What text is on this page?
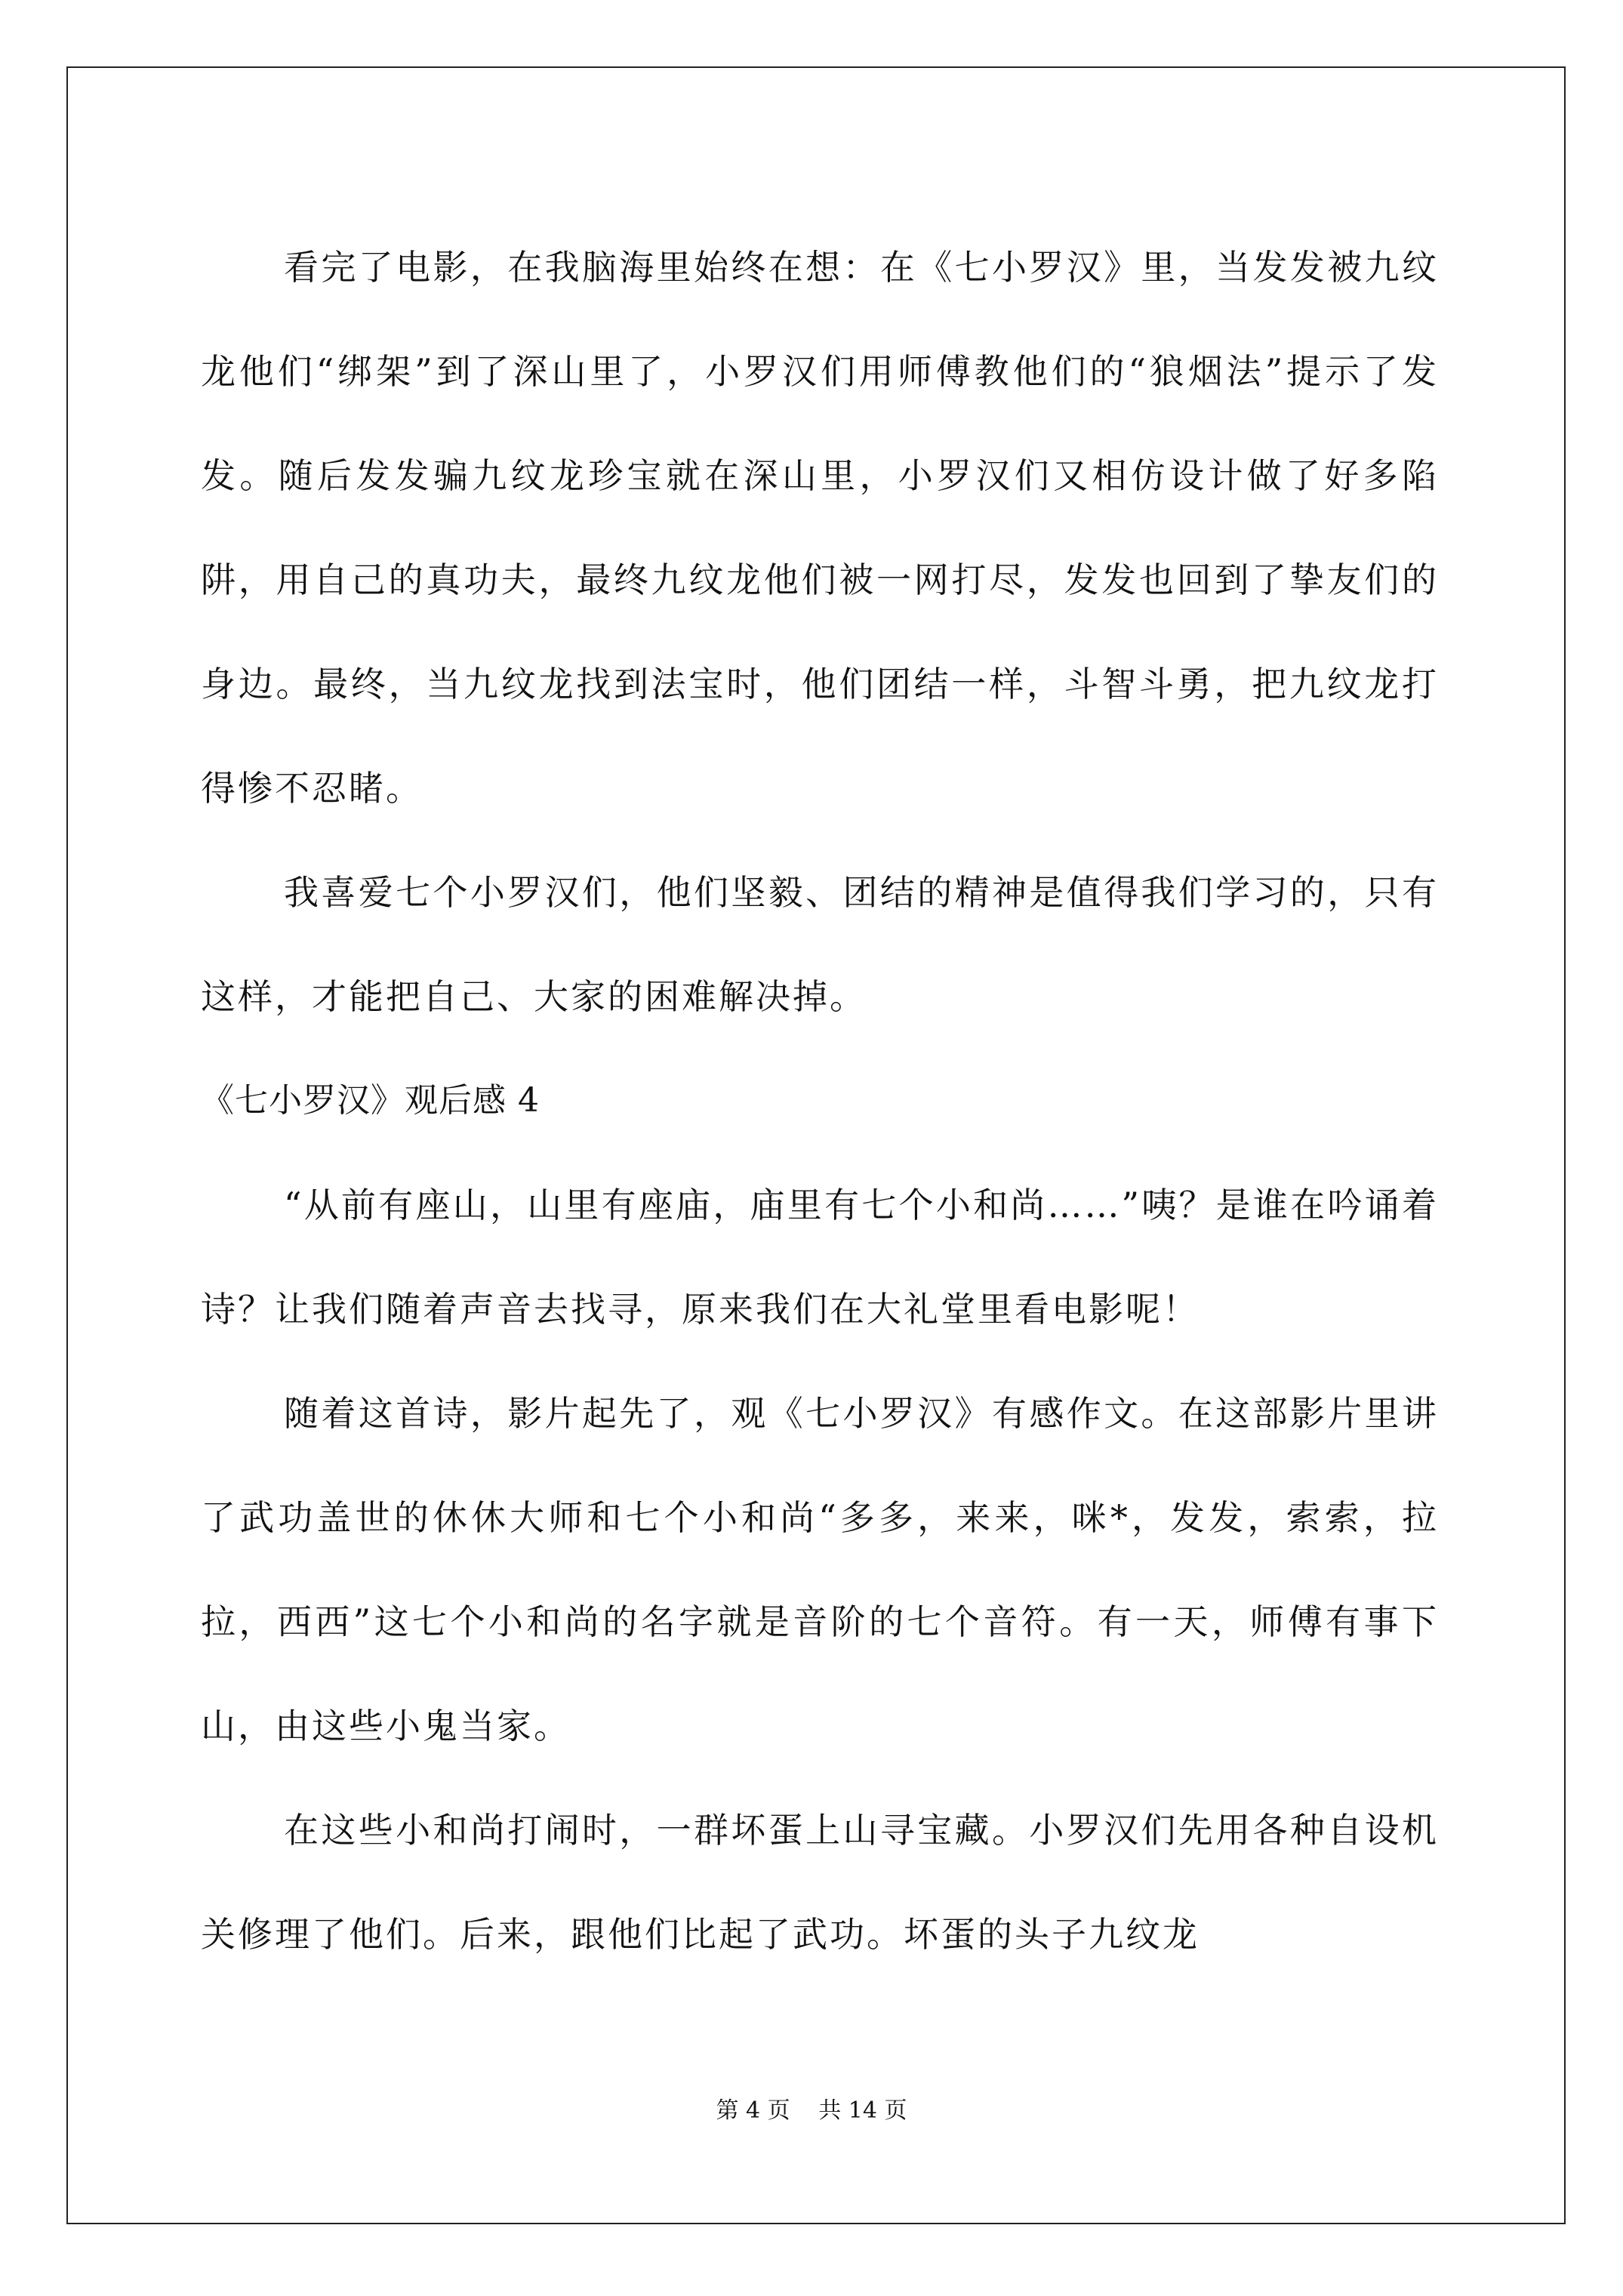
看完了电影，在我脑海里始终在想：在《七小罗汉》里，当发发被九纹龙他们“绑架”到了深山里了，小罗汉们用师傅教他们的“狼烟法”提示了发发。随后发发骗九纹龙珍宝就在深山里，小罗汉们又相仿设计做了好多陷阱，用自己的真功夫，最终九纹龙他们被一网打尽，发发也回到了挚友们的身边。最终，当九纹龙找到法宝时，他们团结一样，斗智斗勇，把九纹龙打得惨不忍睹。

我喜爱七个小罗汉们，他们坚毅、团结的精神是值得我们学习的，只有这样，才能把自己、大家的困难解决掉。

《七小罗汉》观后感 4

“从前有座山，山里有座庙，庙里有七个小和尚……”咦？是谁在吟诵着诗？让我们随着声音去找寻，原来我们在大礼堂里看电影呢！

随着这首诗，影片起先了，观《七小罗汉》有感作文。在这部影片里讲了武功盖世的休休大师和七个小和尚“多多，来来，咪*，发发，索索，拉拉，西西”这七个小和尚的名字就是音阶的七个音符。有一天，师傅有事下山，由这些小鬼当家。

在这些小和尚打闹时，一群坏蛋上山寻宝藏。小罗汉们先用各种自设机关修理了他们。后来，跟他们比起了武功。坏蛋的头子九纹龙

第 4 页 共 14 页
